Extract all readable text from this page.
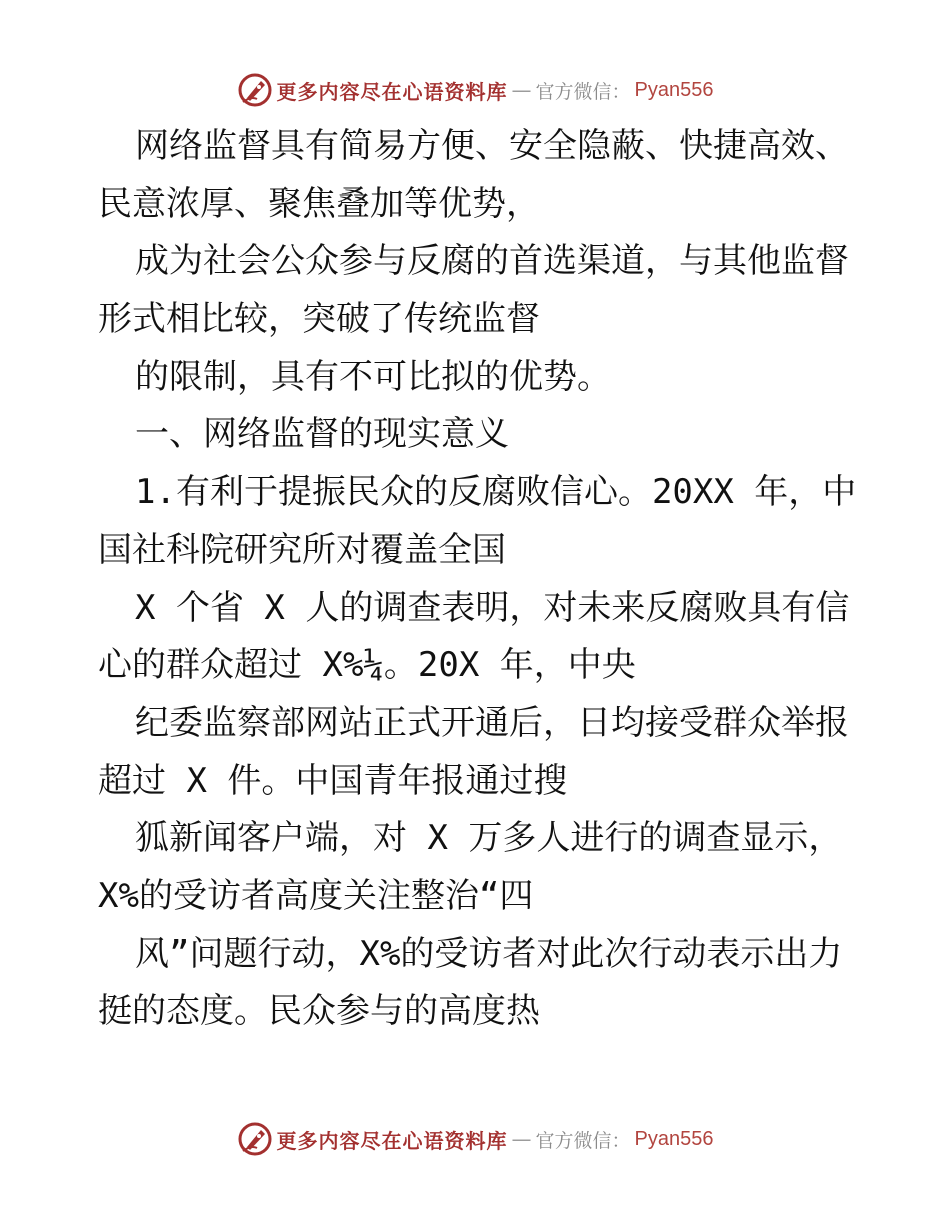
更多内容尽在心语资料库 — 官方微信： Pyan556
网络监督具有简易方便、安全隐蔽、快捷高效、
民意浓厚、聚焦叠加等优势，
成为社会公众参与反腐的首选渠道，与其他监督
形式相比较，突破了传统监督
的限制，具有不可比拟的优势。
一、网络监督的现实意义
1.有利于提振民众的反腐败信心。20XX 年，中
国社科院研究所对覆盖全国
X 个省 X 人的调查表明，对未来反腐败具有信
心的群众超过 X%¼。20X 年，中央
纪委监察部网站正式开通后，日均接受群众举报
超过 X 件。中国青年报通过搜
狐新闻客户端，对 X 万多人进行的调查显示，
X%的受访者高度关注整治“四
风”问题行动，X%的受访者对此次行动表示出力
挺的态度。民众参与的高度热
更多内容尽在心语资料库 — 官方微信： Pyan556
